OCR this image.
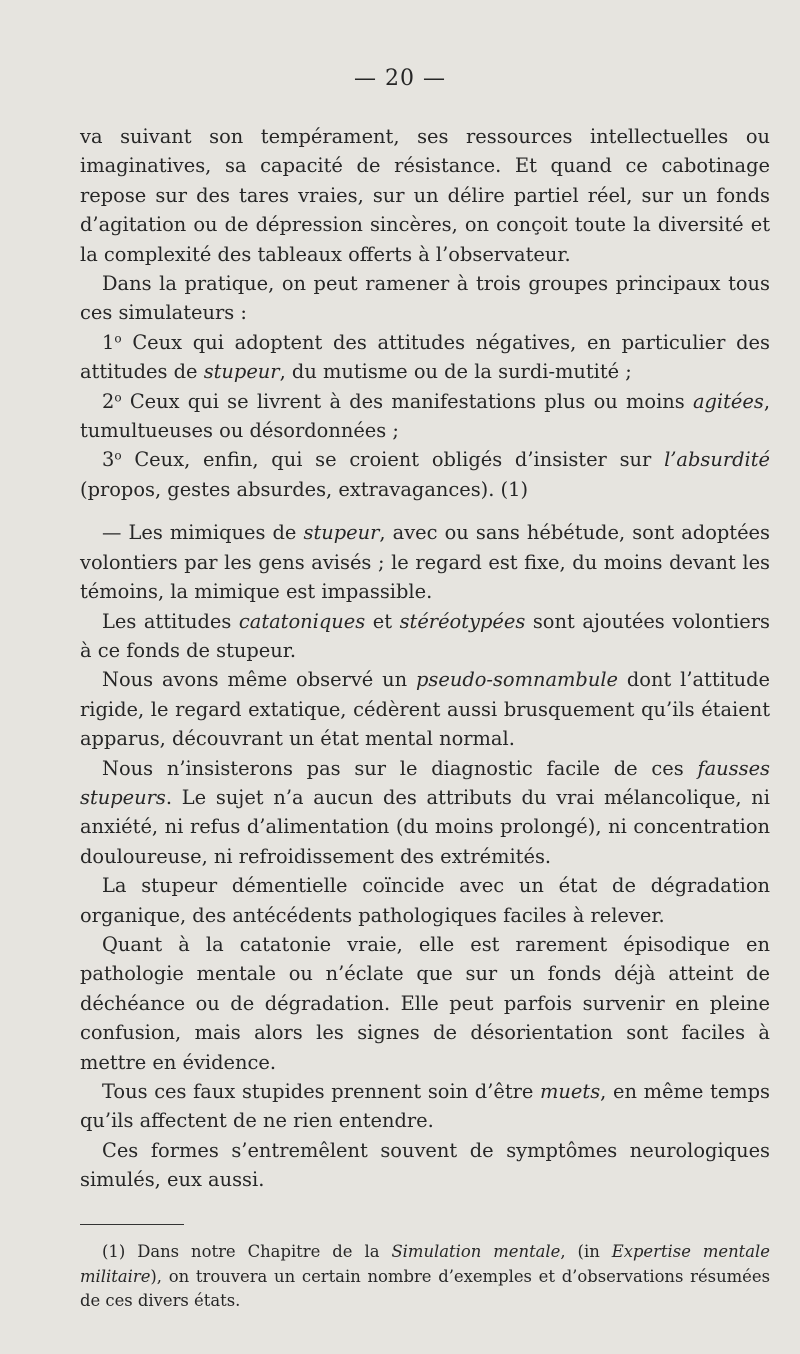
— 20 —

va suivant son tempérament, ses ressources intellectuelles ou imaginatives, sa capacité de résistance. Et quand ce cabotinage repose sur des tares vraies, sur un délire partiel réel, sur un fonds d’agitation ou de dépression sincères, on conçoit toute la diversité et la complexité des tableaux offerts à l’observateur.

Dans la pratique, on peut ramener à trois groupes principaux tous ces simulateurs :

1$^o$ Ceux qui adoptent des attitudes négatives, en particulier des attitudes de stupeur, du mutisme ou de la surdi-mutité ;

2$^o$ Ceux qui se livrent à des manifestations plus ou moins agitées, tumultueuses ou désordonnées ;

3$^o$ Ceux, enfin, qui se croient obligés d’insister sur l’absurdité (propos, gestes absurdes, extravagances). (1)

— Les mimiques de stupeur, avec ou sans hébétude, sont adoptées volontiers par les gens avisés ; le regard est fixe, du moins devant les témoins, la mimique est impassible.

Les attitudes catatoniques et stéréotypées sont ajoutées volontiers à ce fonds de stupeur.

Nous avons même observé un pseudo-somnambule dont l’attitude rigide, le regard extatique, cédèrent aussi brusquement qu’ils étaient apparus, découvrant un état mental normal.

Nous n’insisterons pas sur le diagnostic facile de ces fausses stupeurs. Le sujet n’a aucun des attributs du vrai mélancolique, ni anxiété, ni refus d’alimentation (du moins prolongé), ni concentration douloureuse, ni refroidissement des extrémités.

La stupeur démentielle coïncide avec un état de dégradation organique, des antécédents pathologiques faciles à relever.

Quant à la catatonie vraie, elle est rarement épisodique en pathologie mentale ou n’éclate que sur un fonds déjà atteint de déchéance ou de dégradation. Elle peut parfois survenir en pleine confusion, mais alors les signes de désorientation sont faciles à mettre en évidence.

Tous ces faux stupides prennent soin d’être muets, en même temps qu’ils affectent de ne rien entendre.

Ces formes s’entremêlent souvent de symptômes neurologiques simulés, eux aussi.

(1) Dans notre Chapitre de la Simulation mentale, (in Expertise mentale militaire), on trouvera un certain nombre d’exemples et d’observations résumées de ces divers états.
